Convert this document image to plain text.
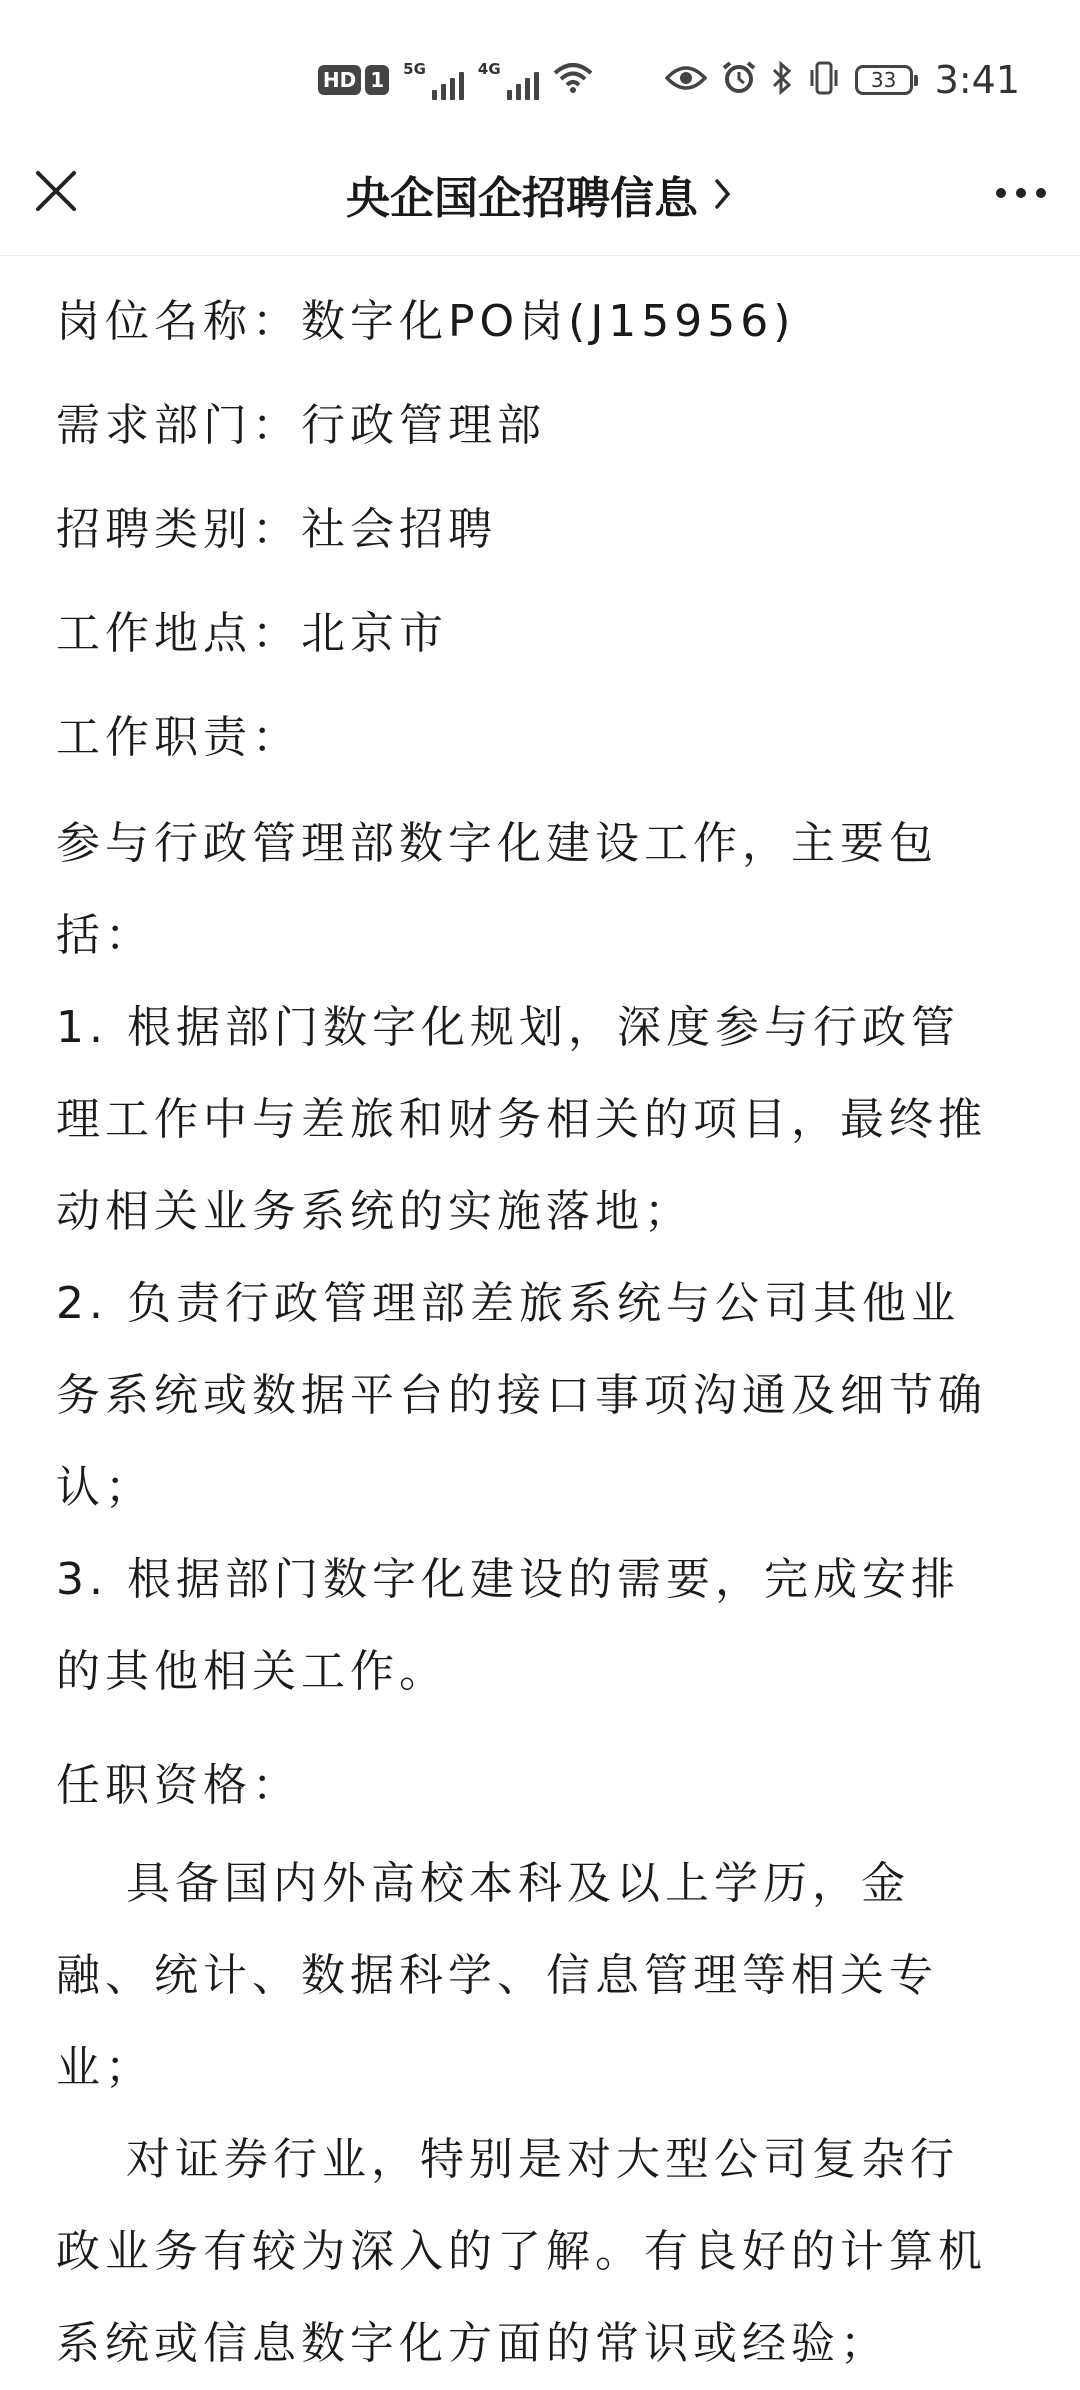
HD 1	5G	4G	33 3:41
央企国企招聘信息
岗位名称：数字化PO岗(J15956)
需求部门：行政管理部
招聘类别：社会招聘
工作地点：北京市
工作职责：

参与行政管理部数字化建设工作，主要包括：

1. 根据部门数字化规划，深度参与行政管理工作中与差旅和财务相关的项目，最终推动相关业务系统的实施落地；

2. 负责行政管理部差旅系统与公司其他业务系统或数据平台的接口事项沟通及细节确认；

3. 根据部门数字化建设的需要，完成安排的其他相关工作。

任职资格：

具备国内外高校本科及以上学历，金融、统计、数据科学、信息管理等相关专业；

对证券行业，特别是对大型公司复杂行政业务有较为深入的了解。有良好的计算机系统或信息数字化方面的常识或经验；
